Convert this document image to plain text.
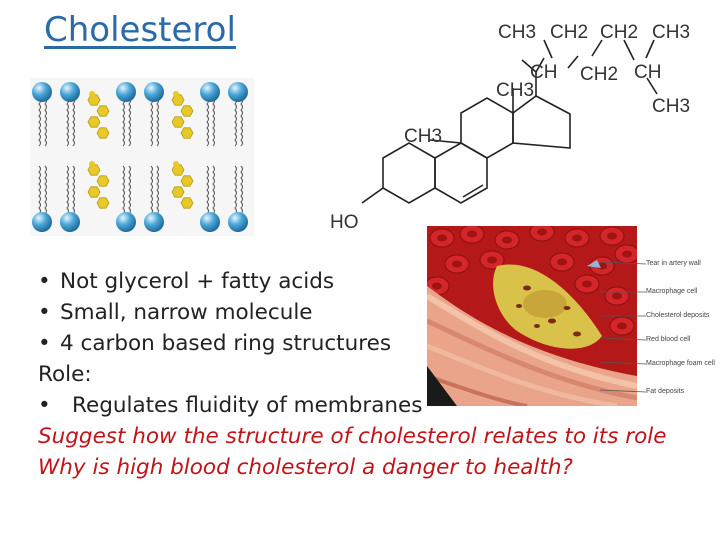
Cholesterol	CH3 CH2 CH2 CH3
CH CH2 CH
CH3
CH3
CH3
HO
Tear in artery wall
Macrophage cell
Cholesterol deposits
Red blood cell
Macrophage foam cell
Fat deposits
• Not glycerol + fatty acids
• Small, narrow molecule
• 4 carbon based ring structures
Role:
• Regulates fluidity of membranes
Suggest how the structure of cholesterol relates to its role
Why is high blood cholesterol a danger to health?
